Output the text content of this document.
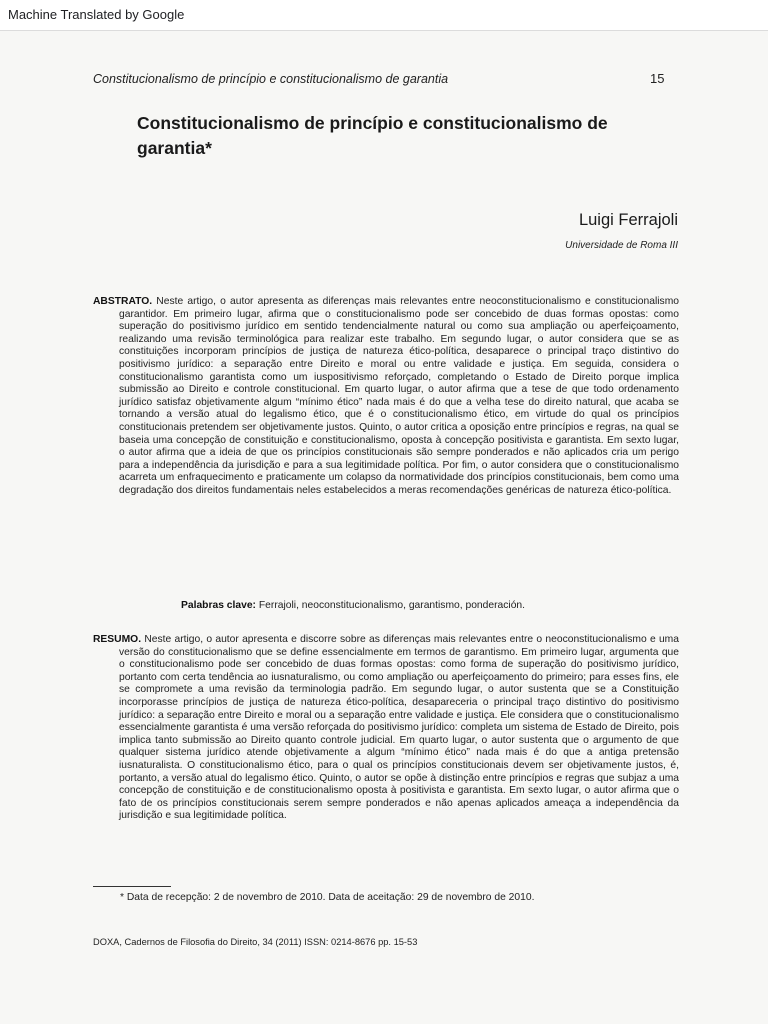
Machine Translated by Google
Constitucionalismo de princípio e constitucionalismo de garantia	15
Constitucionalismo de princípio e constitucionalismo de garantia*
Luigi Ferrajoli
Universidade de Roma III
ABSTRATO. Neste artigo, o autor apresenta as diferenças mais relevantes entre neoconstitucionalismo e constitucionalismo garantidor. Em primeiro lugar, afirma que o constitucionalismo pode ser concebido de duas formas opostas: como superação do positivismo jurídico em sentido tendencialmente natural ou como sua ampliação ou aperfeiçoamento, realizando uma revisão terminológica para realizar este trabalho. Em segundo lugar, o autor considera que se as constituições incorporam princípios de justiça de natureza ético-política, desaparece o principal traço distintivo do positivismo jurídico: a separação entre Direito e moral ou entre validade e justiça. Em seguida, considera o constitucionalismo garantista como um iuspositivismo reforçado, completando o Estado de Direito porque implica submissão ao Direito e controle constitucional. Em quarto lugar, o autor afirma que a tese de que todo ordenamento jurídico satisfaz objetivamente algum “mínimo ético” nada mais é do que a velha tese do direito natural, que acaba se tornando a versão atual do legalismo ético, que é o constitucionalismo ético, em virtude do qual os princípios constitucionais pretendem ser objetivamente justos. Quinto, o autor critica a oposição entre princípios e regras, na qual se baseia uma concepção de constituição e constitucionalismo, oposta à concepção positivista e garantista. Em sexto lugar, o autor afirma que a ideia de que os princípios constitucionais são sempre ponderados e não aplicados cria um perigo para a independência da jurisdição e para a sua legitimidade política. Por fim, o autor considera que o constitucionalismo acarreta um enfraquecimento e praticamente um colapso da normatividade dos princípios constitucionais, bem como uma degradação dos direitos fundamentais neles estabelecidos a meras recomendações genéricas de natureza ético-política.
Palabras clave: Ferrajoli, neoconstitucionalismo, garantismo, ponderación.
RESUMO. Neste artigo, o autor apresenta e discorre sobre as diferenças mais relevantes entre o neoconstitucionalismo e uma versão do constitucionalismo que se define essencialmente em termos de garantismo. Em primeiro lugar, argumenta que o constitucionalismo pode ser concebido de duas formas opostas: como forma de superação do positivismo jurídico, portanto com certa tendência ao iusnaturalismo, ou como ampliação ou aperfeiçoamento do primeiro; para esses fins, ele se compromete a uma revisão da terminologia padrão. Em segundo lugar, o autor sustenta que se a Constituição incorporasse princípios de justiça de natureza ético-política, desapareceria o principal traço distintivo do positivismo jurídico: a separação entre Direito e moral ou a separação entre validade e justiça. Ele considera que o constitucionalismo essencialmente garantista é uma versão reforçada do positivismo jurídico: completa um sistema de Estado de Direito, pois implica tanto submissão ao Direito quanto controle judicial. Em quarto lugar, o autor sustenta que o argumento de que qualquer sistema jurídico atende objetivamente a algum “mínimo ético” nada mais é do que a antiga pretensão iusnaturalista. O constitucionalismo ético, para o qual os princípios constitucionais devem ser objetivamente justos, é, portanto, a versão atual do legalismo ético. Quinto, o autor se opõe à distinção entre princípios e regras que subjaz a uma concepção de constituição e de constitucionalismo oposta à positivista e garantista. Em sexto lugar, o autor afirma que o fato de os princípios constitucionais serem sempre ponderados e não apenas aplicados ameaça a independência da jurisdição e sua legitimidade política.
* Data de recepção: 2 de novembro de 2010. Data de aceitação: 29 de novembro de 2010.
DOXA, Cadernos de Filosofia do Direito, 34 (2011) ISSN: 0214-8676 pp. 15-53
